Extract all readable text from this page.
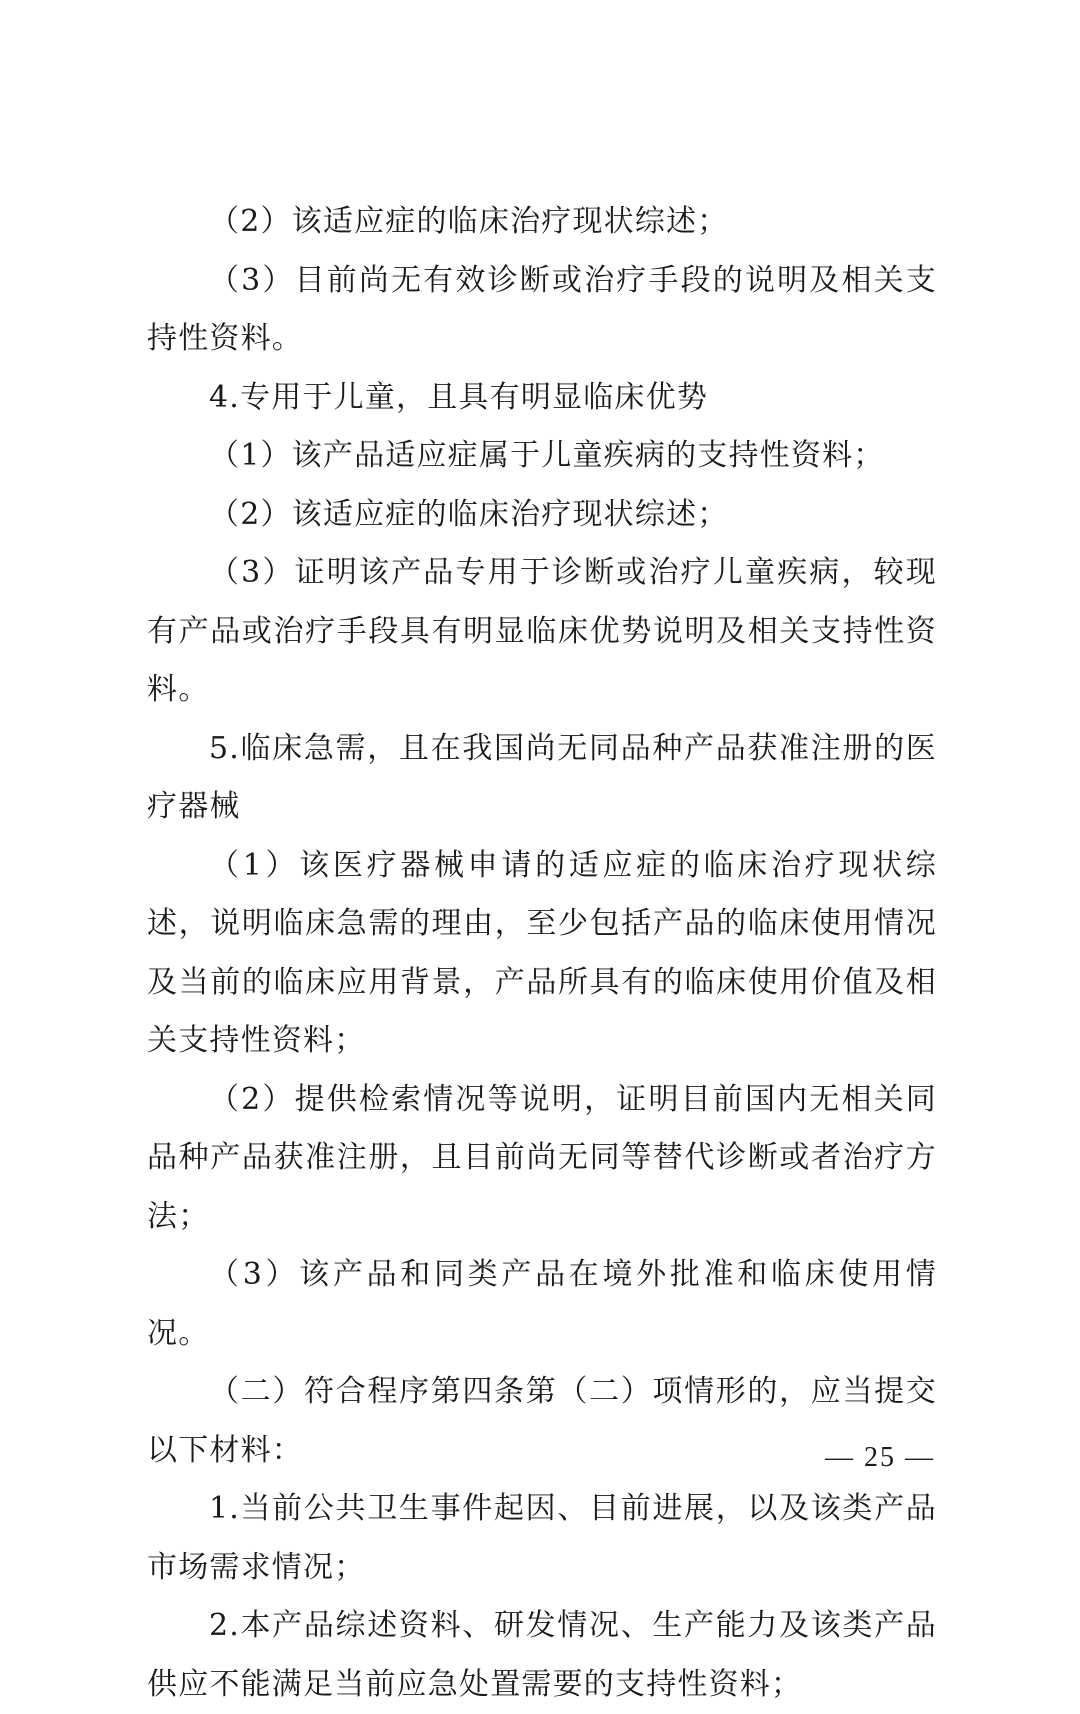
（2）该适应症的临床治疗现状综述；

（3）目前尚无有效诊断或治疗手段的说明及相关支持性资料。

4.专用于儿童，且具有明显临床优势

（1）该产品适应症属于儿童疾病的支持性资料；

（2）该适应症的临床治疗现状综述；

（3）证明该产品专用于诊断或治疗儿童疾病，较现有产品或治疗手段具有明显临床优势说明及相关支持性资料。

5.临床急需，且在我国尚无同品种产品获准注册的医疗器械

（1）该医疗器械申请的适应症的临床治疗现状综述，说明临床急需的理由，至少包括产品的临床使用情况及当前的临床应用背景，产品所具有的临床使用价值及相关支持性资料；

（2）提供检索情况等说明，证明目前国内无相关同品种产品获准注册，且目前尚无同等替代诊断或者治疗方法；

（3）该产品和同类产品在境外批准和临床使用情况。

（二）符合程序第四条第（二）项情形的，应当提交以下材料：

1.当前公共卫生事件起因、目前进展，以及该类产品市场需求情况；

2.本产品综述资料、研发情况、生产能力及该类产品供应不能满足当前应急处置需要的支持性资料；

— 25 —
